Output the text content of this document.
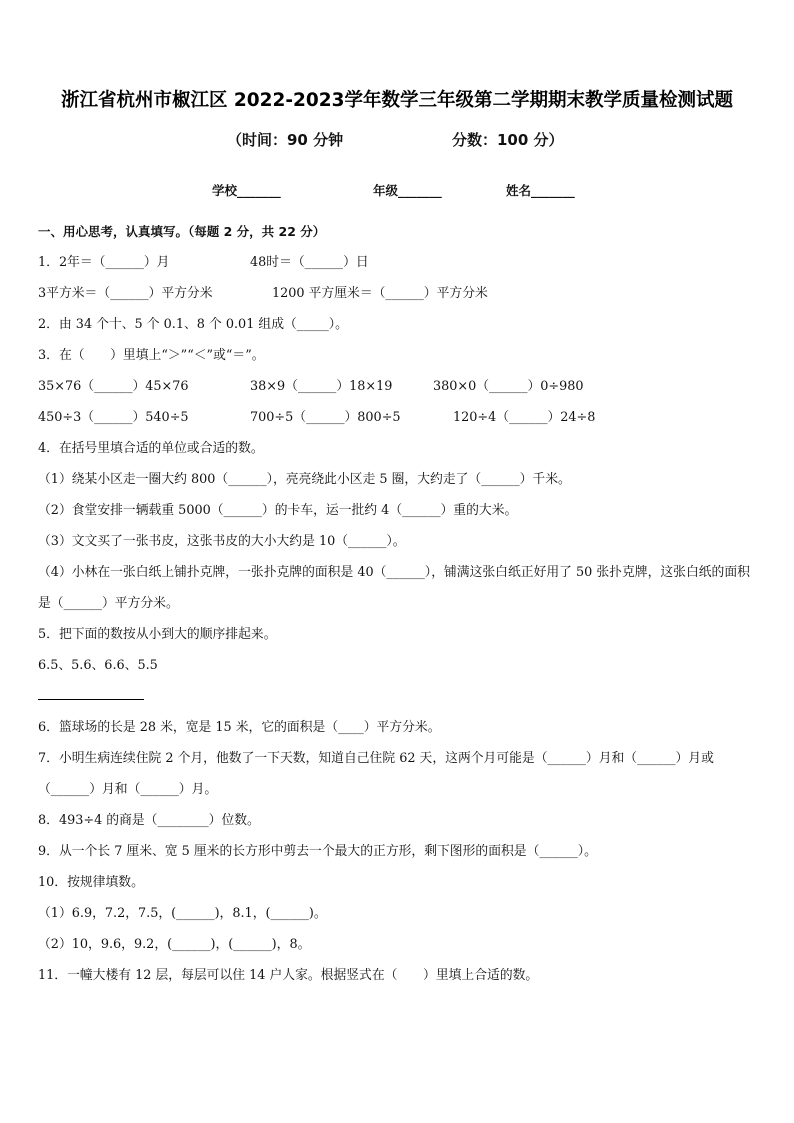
浙江省杭州市椒江区 2022-2023学年数学三年级第二学期期末教学质量检测试题
（时间：90 分钟	分数：100 分）
学校_______	年级_______	姓名_______
一、用心思考，认真填写。（每题 2 分，共 22 分）
1．2年＝（______）月	48时＝（______）日
3平方米＝（______）平方分米	1200 平方厘米＝（______）平方分米
2．由 34 个十、5 个 0.1、8 个 0.01 组成（_____）。
3．在（　　）里填上“＞”“＜”或“＝”。
35×76（______）45×76	38×9（______）18×19	380×0（______）0÷980
450÷3（______）540÷5	700÷5（______）800÷5	120÷4（______）24÷8
4．在括号里填合适的单位或合适的数。
（1）绕某小区走一圈大约 800（______），亮亮绕此小区走 5 圈，大约走了（______）千米。
（2）食堂安排一辆载重 5000（______）的卡车，运一批约 4（______）重的大米。
（3）文文买了一张书皮，这张书皮的大小大约是 10（______）。
（4）小林在一张白纸上铺扑克牌，一张扑克牌的面积是 40（______），铺满这张白纸正好用了 50 张扑克牌，这张白纸的面积是（______）平方分米。
5．把下面的数按从小到大的顺序排起来。
6.5、5.6、6.6、5.5
6．篮球场的长是 28 米，宽是 15 米，它的面积是（____）平方分米。
7．小明生病连续住院 2 个月，他数了一下天数，知道自己住院 62 天，这两个月可能是（______）月和（______）月或（______）月和（______）月。
8．493÷4 的商是（________）位数。
9．从一个长 7 厘米、宽 5 厘米的长方形中剪去一个最大的正方形，剩下图形的面积是（______）。
10．按规律填数。
（1）6.9，7.2，7.5，(______)，8.1，(______)。
（2）10，9.6，9.2，(______)，(______)，8。
11．一幢大楼有 12 层，每层可以住 14 户人家。根据竖式在（　　）里填上合适的数。
